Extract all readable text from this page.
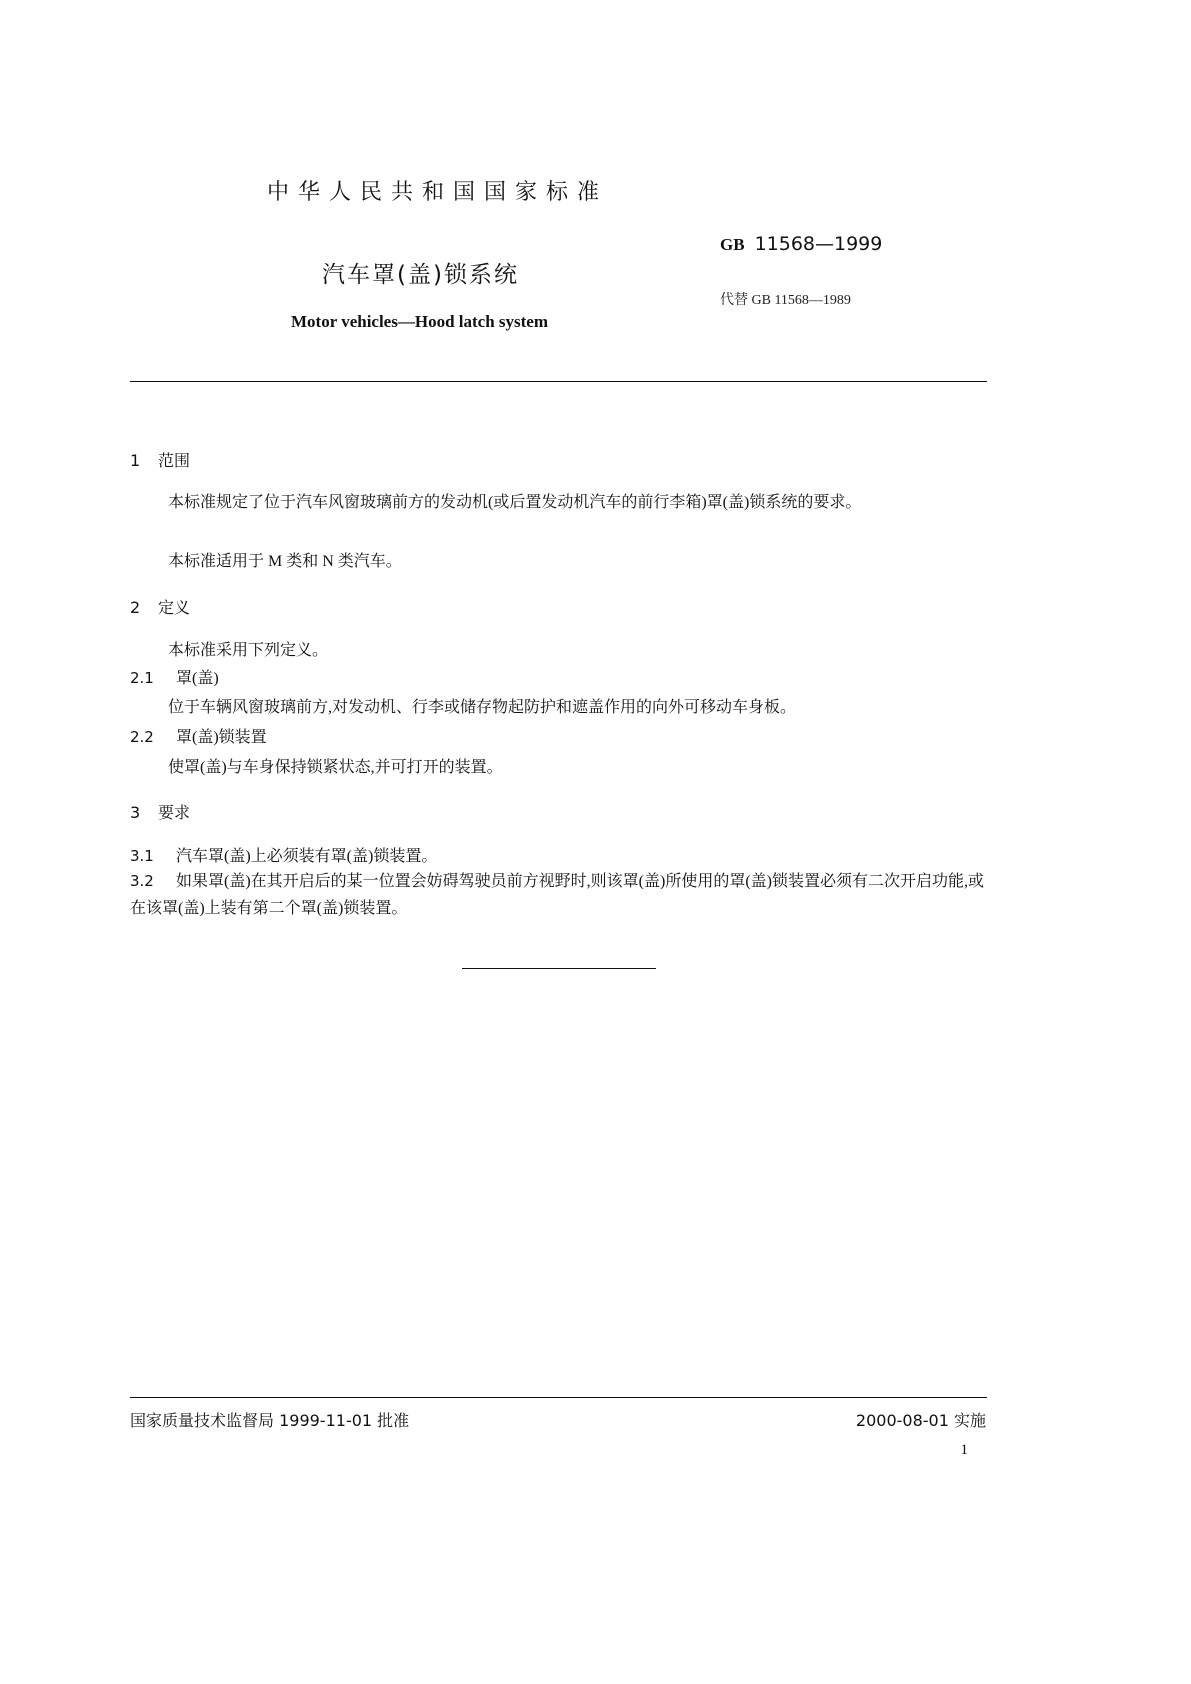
中华人民共和国国家标准
GB 11568—1999
汽车罩(盖)锁系统
代替 GB 11568—1989
Motor vehicles—Hood latch system
1 范围
本标准规定了位于汽车风窗玻璃前方的发动机(或后置发动机汽车的前行李箱)罩(盖)锁系统的要求。
本标准适用于 M 类和 N 类汽车。
2 定义
本标准采用下列定义。
2.1 罩(盖)
位于车辆风窗玻璃前方,对发动机、行李或储存物起防护和遮盖作用的向外可移动车身板。
2.2 罩(盖)锁装置
使罩(盖)与车身保持锁紧状态,并可打开的装置。
3 要求
3.1 汽车罩(盖)上必须装有罩(盖)锁装置。
3.2 如果罩(盖)在其开启后的某一位置会妨碍驾驶员前方视野时,则该罩(盖)所使用的罩(盖)锁装置必须有二次开启功能,或在该罩(盖)上装有第二个罩(盖)锁装置。
国家质量技术监督局 1999-11-01 批准	2000-08-01 实施
1
